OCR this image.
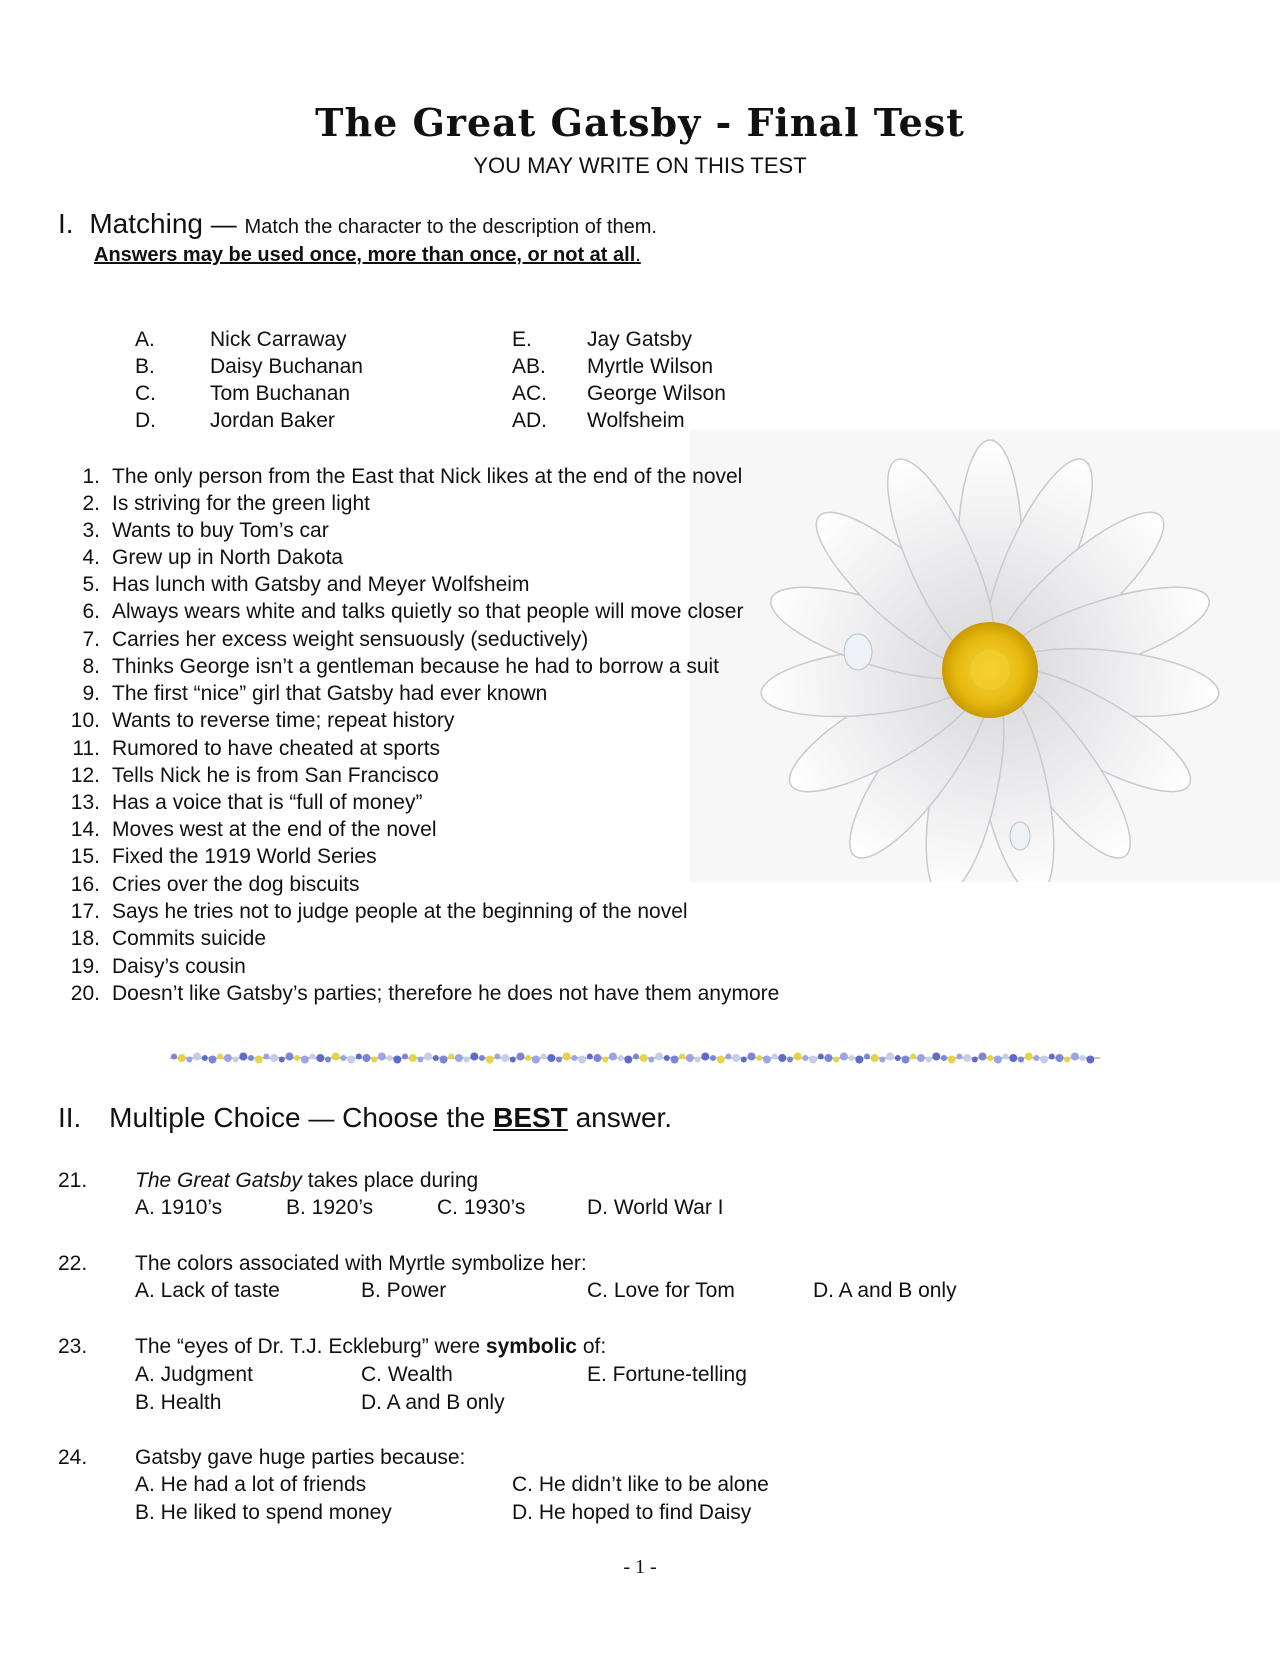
The Great Gatsby - Final Test
YOU MAY WRITE ON THIS TEST
I. Matching — Match the character to the description of them.
Answers may be used once, more than once, or not at all.
A.	Nick Carraway
B.	Daisy Buchanan
C.	Tom Buchanan
D.	Jordan Baker
E.	Jay Gatsby
AB. Myrtle Wilson
AC. George Wilson
AD. Wolfsheim
1. The only person from the East that Nick likes at the end of the novel
2. Is striving for the green light
3. Wants to buy Tom’s car
4. Grew up in North Dakota
5. Has lunch with Gatsby and Meyer Wolfsheim
6. Always wears white and talks quietly so that people will move closer
7. Carries her excess weight sensuously (seductively)
8. Thinks George isn’t a gentleman because he had to borrow a suit
9. The first “nice” girl that Gatsby had ever known
10. Wants to reverse time; repeat history
11. Rumored to have cheated at sports
12. Tells Nick he is from San Francisco
13. Has a voice that is “full of money”
14. Moves west at the end of the novel
15. Fixed the 1919 World Series
16. Cries over the dog biscuits
17. Says he tries not to judge people at the beginning of the novel
18. Commits suicide
19. Daisy’s cousin
20. Doesn’t like Gatsby’s parties; therefore he does not have them anymore
II. Multiple Choice — Choose the BEST answer.
21. The Great Gatsby takes place during
A. 1910’s	B. 1920’s	C. 1930’s	D. World War I
22. The colors associated with Myrtle symbolize her:
A. Lack of taste	B. Power	C. Love for Tom	D. A and B only
23. The “eyes of Dr. T.J. Eckleburg” were symbolic of:
A. Judgment	C. Wealth	E. Fortune-telling
B. Health	D. A and B only
24. Gatsby gave huge parties because:
A. He had a lot of friends	C. He didn’t like to be alone
B. He liked to spend money	D. He hoped to find Daisy
- 1 -
